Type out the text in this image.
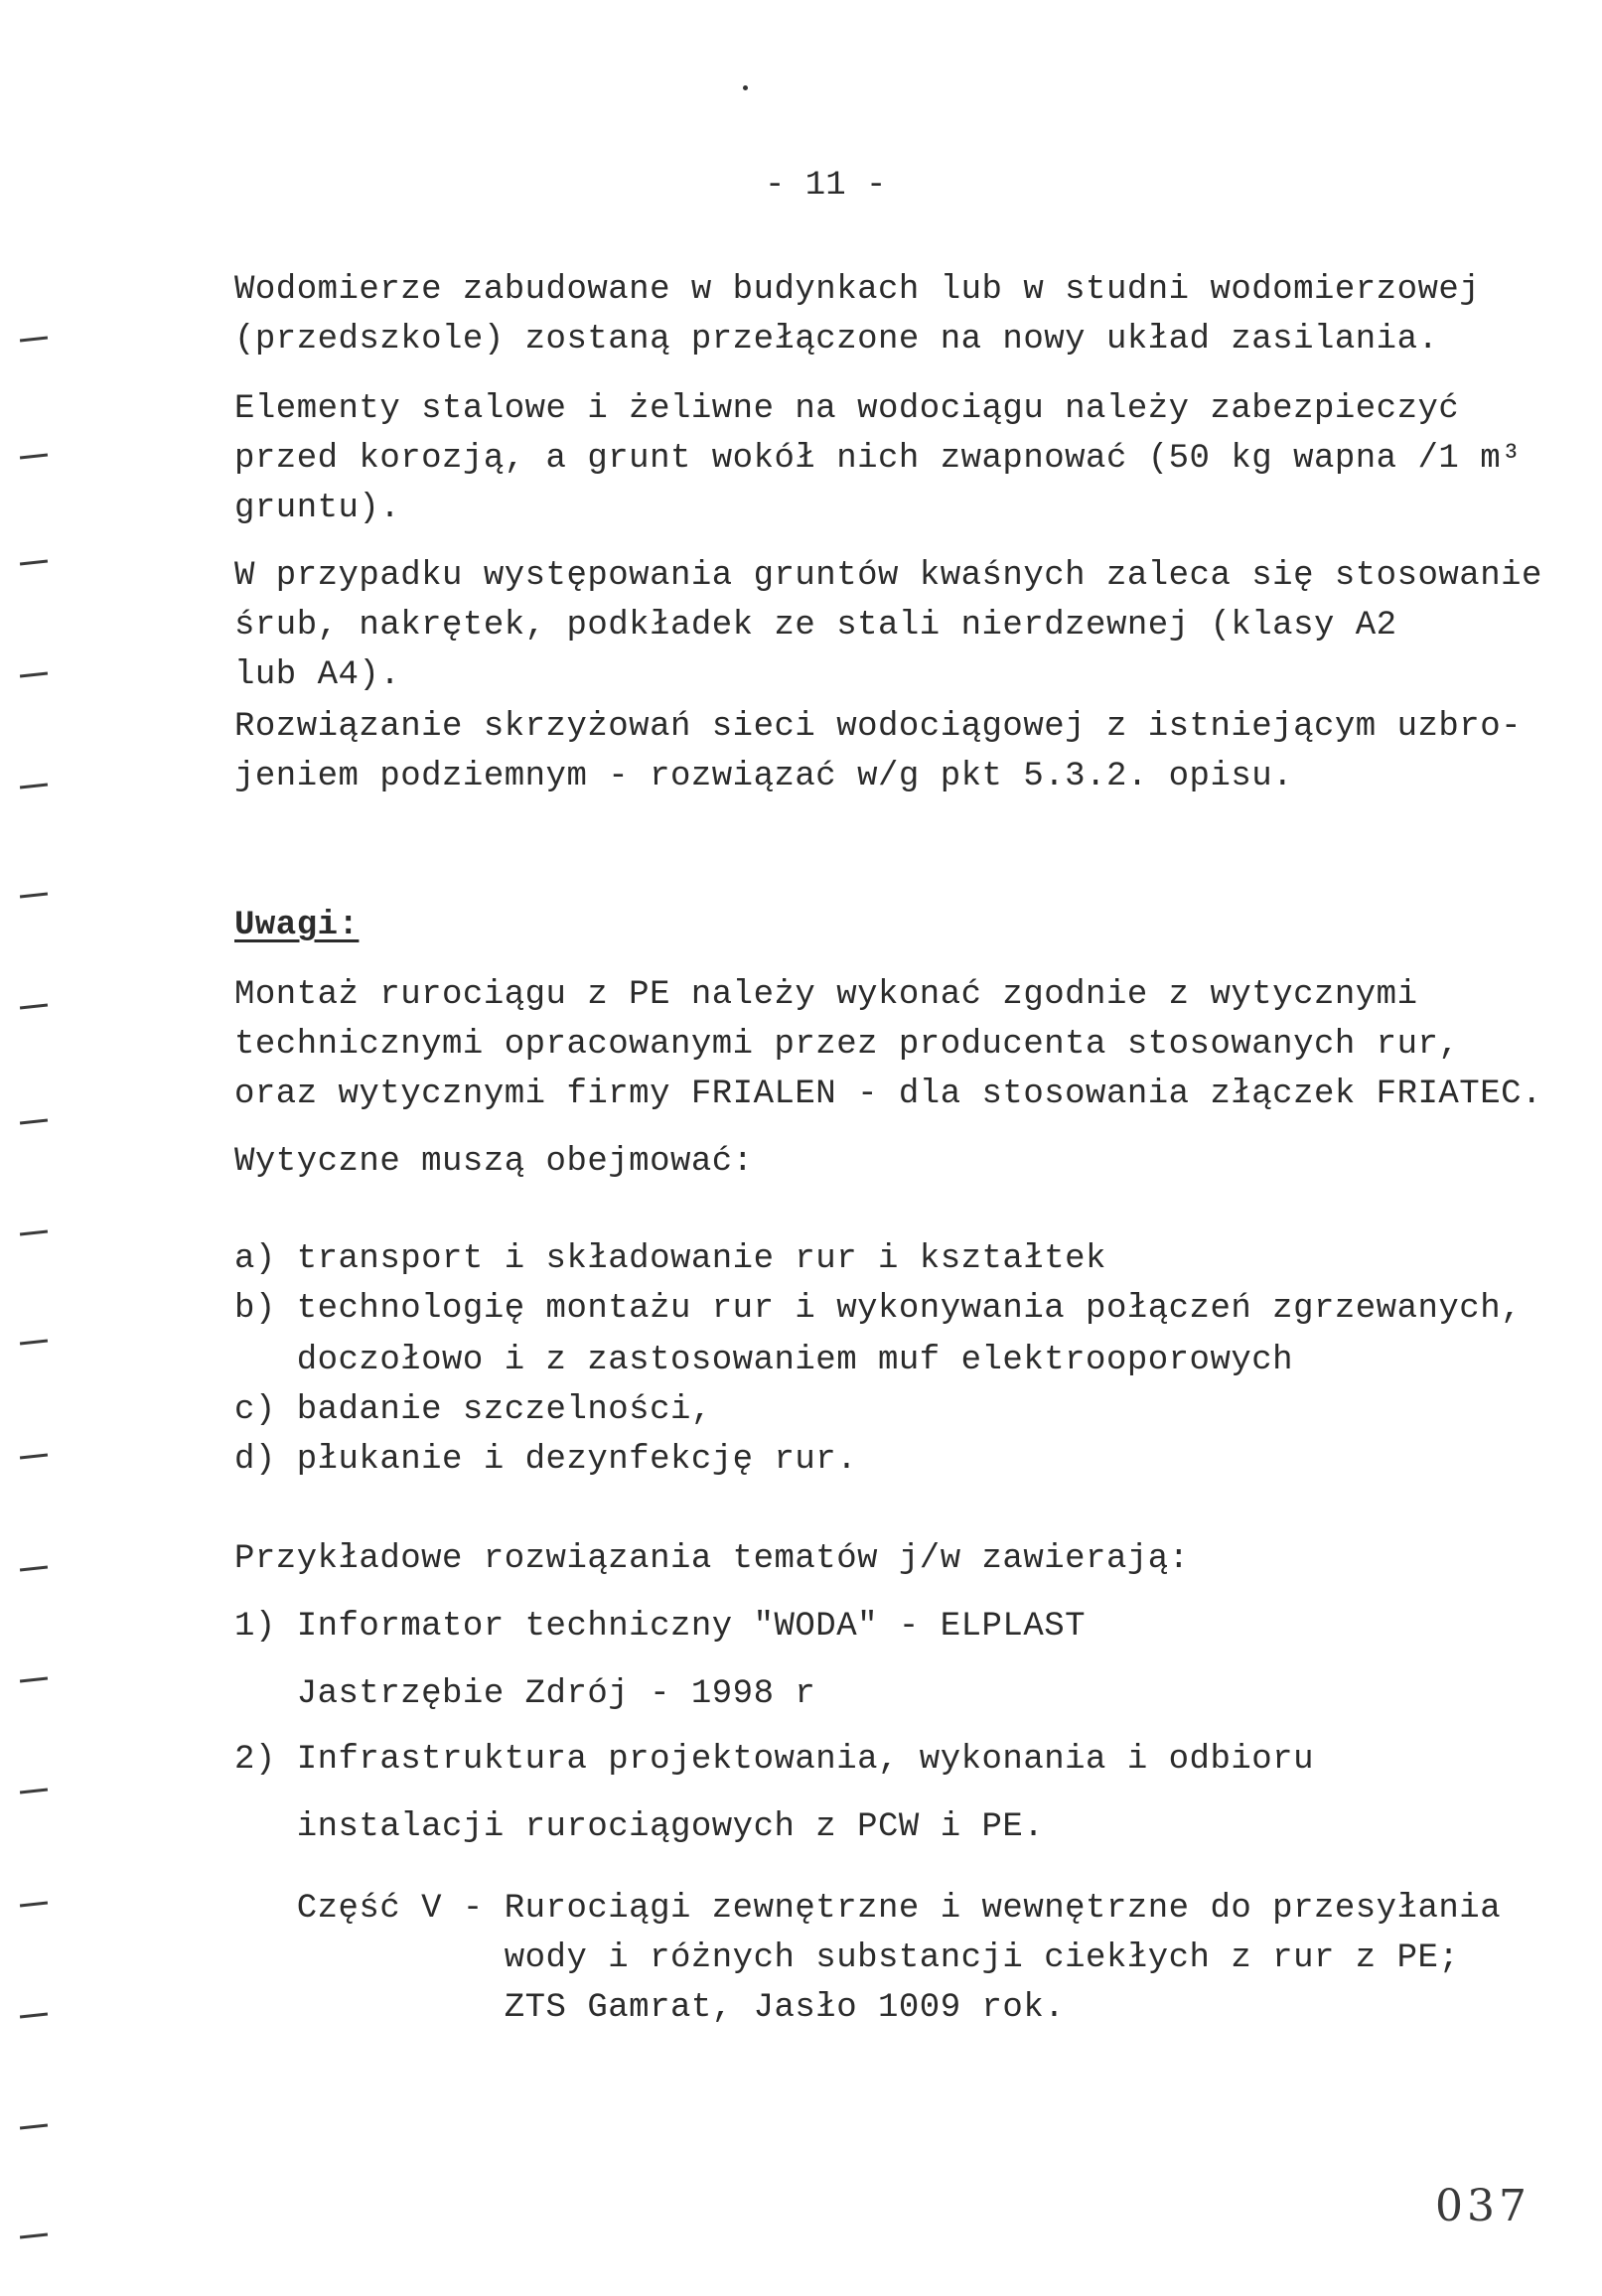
- 11 -
Wodomierze zabudowane w budynkach lub w studni wodomierzowej
(przedszkole) zostaną przełączone na nowy układ zasilania.
Elementy stalowe i żeliwne na wodociągu należy zabezpieczyć
przed korozją, a grunt wokół nich zwapnować (50 kg wapna /1 m³
gruntu).
W przypadku występowania gruntów kwaśnych zaleca się stosowanie
śrub, nakrętek, podkładek ze stali nierdzewnej (klasy A2
lub A4).
Rozwiązanie skrzyżowań sieci wodociągowej z istniejącym uzbro-
jeniem podziemnym - rozwiązać w/g pkt 5.3.2. opisu.
Uwagi:
Montaż rurociągu z PE należy wykonać zgodnie z wytycznymi
technicznymi opracowanymi przez producenta stosowanych rur,
oraz wytycznymi firmy FRIALEN - dla stosowania złączek FRIATEC.
Wytyczne muszą obejmować:
a) transport i składowanie rur i kształtek
b) technologię montażu rur i wykonywania połączeń zgrzewanych,
doczołowo i z zastosowaniem muf elektrooporowych
c) badanie szczelności,
d) płukanie i dezynfekcję rur.
Przykładowe rozwiązania tematów j/w zawierają:
1) Informator techniczny "WODA" - ELPLAST
Jastrzębie Zdrój - 1998 r
2) Infrastruktura projektowania, wykonania i odbioru
instalacji rurociągowych z PCW i PE.
Część V - Rurociągi zewnętrzne i wewnętrzne do przesyłania
wody i różnych substancji ciekłych z rur z PE;
ZTS Gamrat, Jasło 1009 rok.
037
